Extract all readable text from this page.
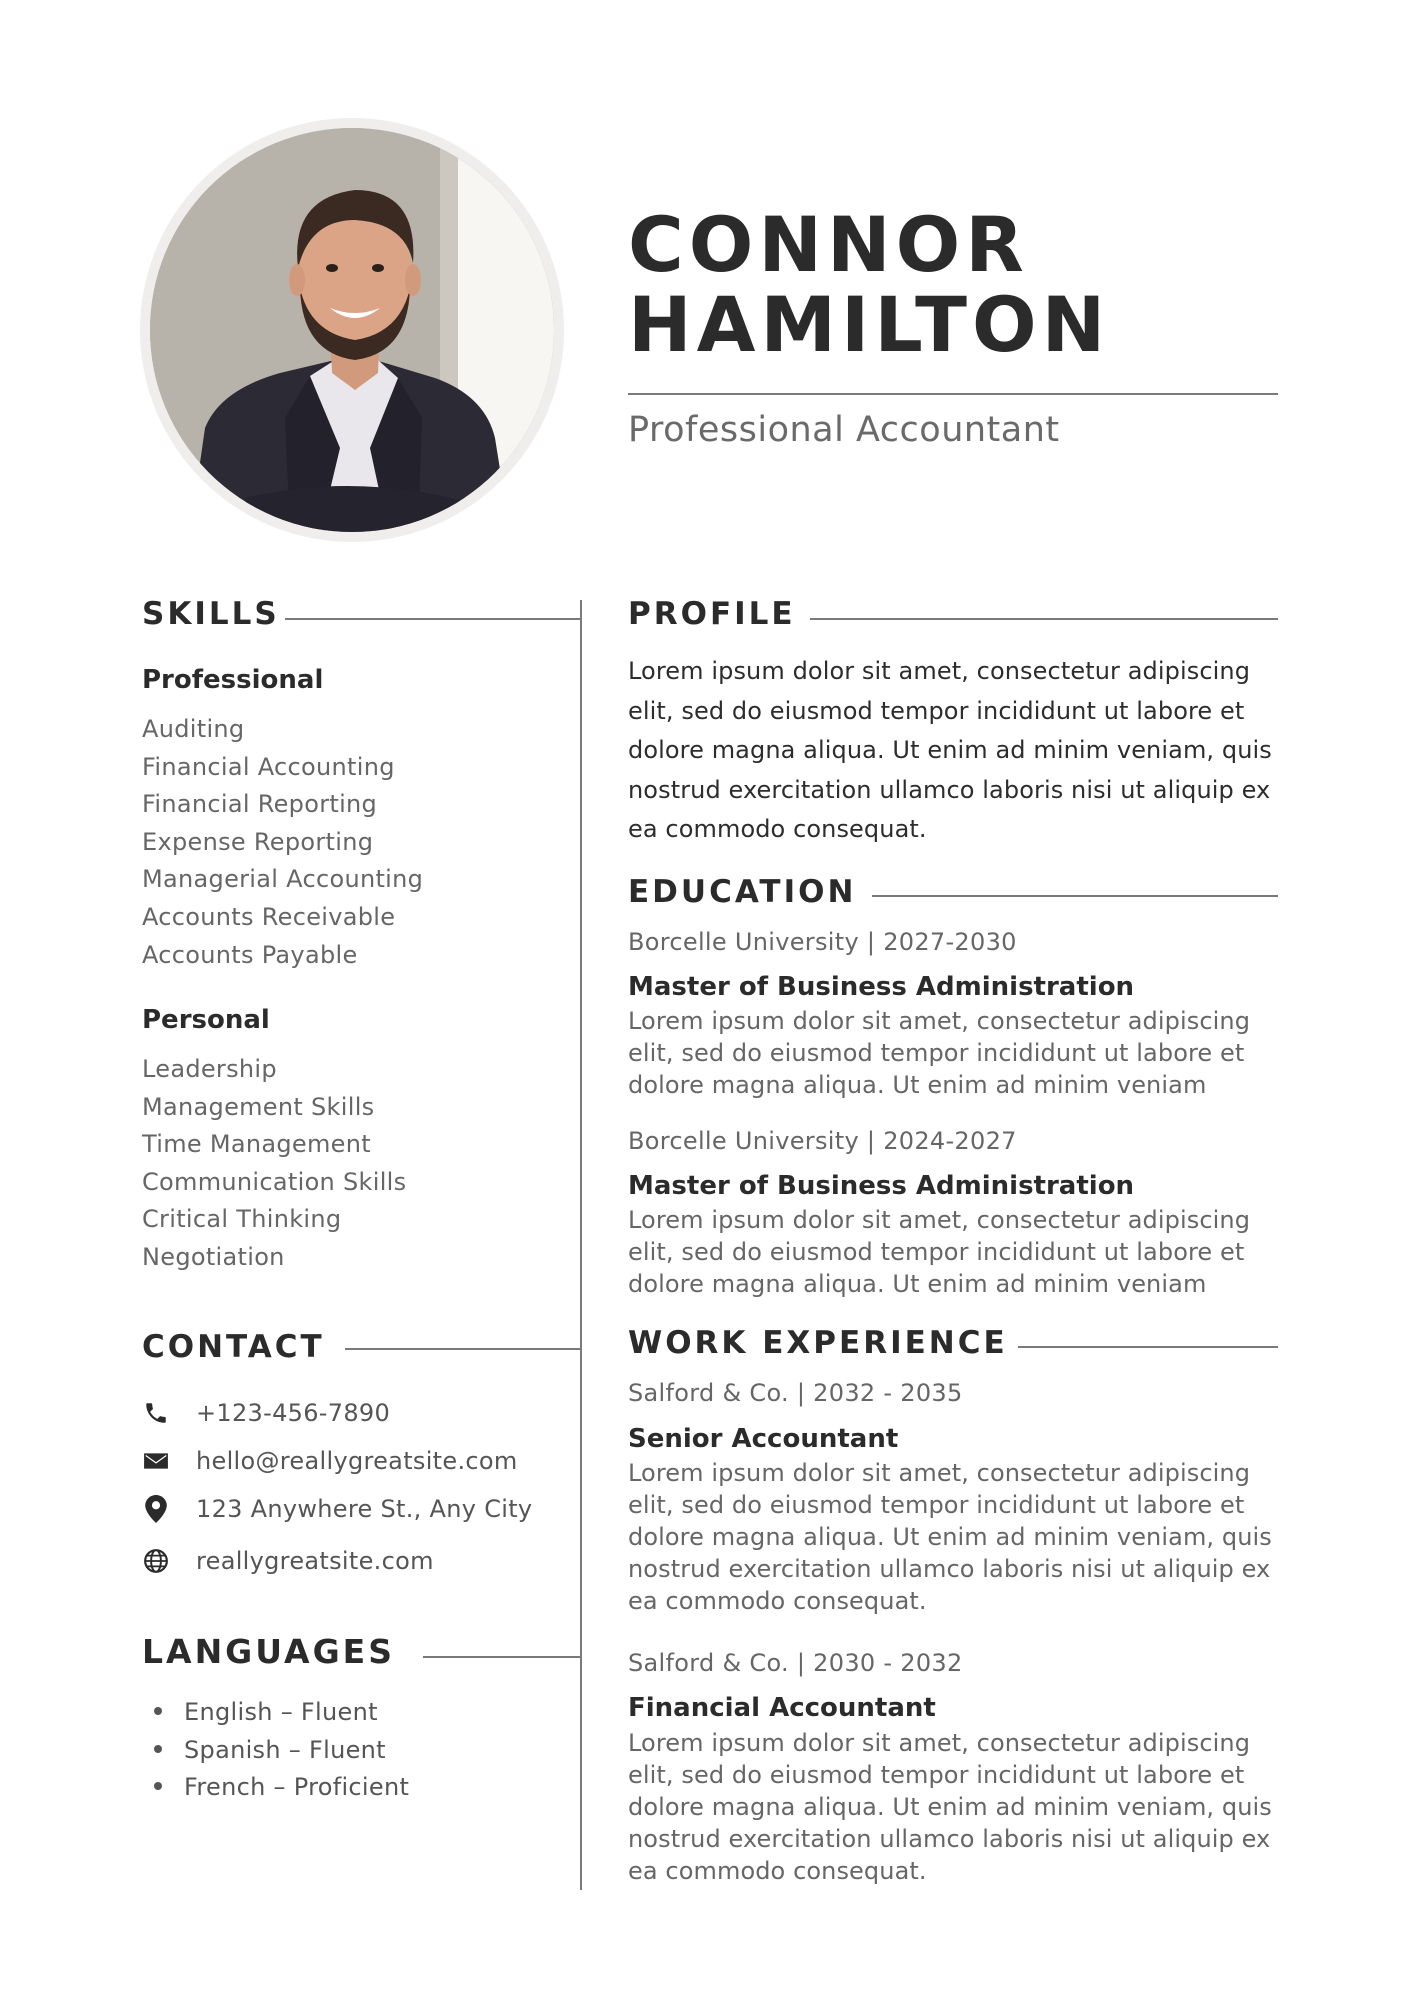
CONNOR
HAMILTON
Professional Accountant
SKILLS
Professional
Auditing
Financial Accounting
Financial Reporting
Expense Reporting
Managerial Accounting
Accounts Receivable
Accounts Payable
Personal
Leadership
Management Skills
Time Management
Communication Skills
Critical Thinking
Negotiation
CONTACT
+123-456-7890
hello@reallygreatsite.com
123 Anywhere St., Any City
reallygreatsite.com
LANGUAGES
English – Fluent
Spanish – Fluent
French – Proficient
PROFILE
Lorem ipsum dolor sit amet, consectetur adipiscing elit, sed do eiusmod tempor incididunt ut labore et dolore magna aliqua. Ut enim ad minim veniam, quis nostrud exercitation ullamco laboris nisi ut aliquip ex ea commodo consequat.
EDUCATION
Borcelle University | 2027-2030
Master of Business Administration
Lorem ipsum dolor sit amet, consectetur adipiscing elit, sed do eiusmod tempor incididunt ut labore et dolore magna aliqua. Ut enim ad minim veniam
Borcelle University | 2024-2027
Master of Business Administration
Lorem ipsum dolor sit amet, consectetur adipiscing elit, sed do eiusmod tempor incididunt ut labore et dolore magna aliqua. Ut enim ad minim veniam
WORK EXPERIENCE
Salford & Co. | 2032 - 2035
Senior Accountant
Lorem ipsum dolor sit amet, consectetur adipiscing elit, sed do eiusmod tempor incididunt ut labore et dolore magna aliqua. Ut enim ad minim veniam, quis nostrud exercitation ullamco laboris nisi ut aliquip ex ea commodo consequat.
Salford & Co. | 2030 - 2032
Financial Accountant
Lorem ipsum dolor sit amet, consectetur adipiscing elit, sed do eiusmod tempor incididunt ut labore et dolore magna aliqua. Ut enim ad minim veniam, quis nostrud exercitation ullamco laboris nisi ut aliquip ex ea commodo consequat.
